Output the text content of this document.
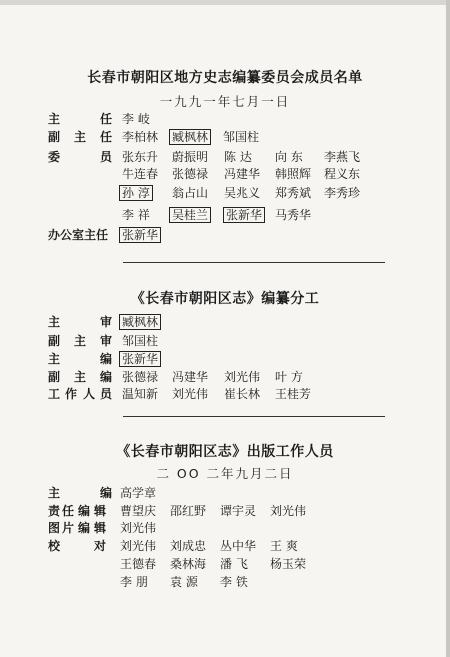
长春市朝阳区地方史志编纂委员会成员名单
一九九一年七月一日
主	任 李 岐
副 主 任 李柏林 臧枫林 邹国柱
委	员 张东升 蔚振明 陈 达 向 东 李燕飞
牛连春 张德禄 冯建华 韩照辉 程义东
孙 淳 翁占山 吴兆义 郑秀斌 李秀珍
李 祥 吴桂兰 张新华 马秀华
办公室主任 张新华
《长春市朝阳区志》编纂分工
主	审 臧枫林
副 主 审 邹国柱
主	编 张新华
副 主 编 张德禄 冯建华 刘光伟 叶 方
工 作 人 员 温知新 刘光伟 崔长林 王桂芳
《长春市朝阳区志》出版工作人员
二 OO 二年九月二日
主	编 高学章
责 任 编 辑 曹望庆 邵红野 谭宇灵 刘光伟
图 片 编 辑 刘光伟
校	对 刘光伟 刘成忠 丛中华 王 爽
王德春 桑林海 潘 飞 杨玉荣
李 朋 袁 源 李 铁
